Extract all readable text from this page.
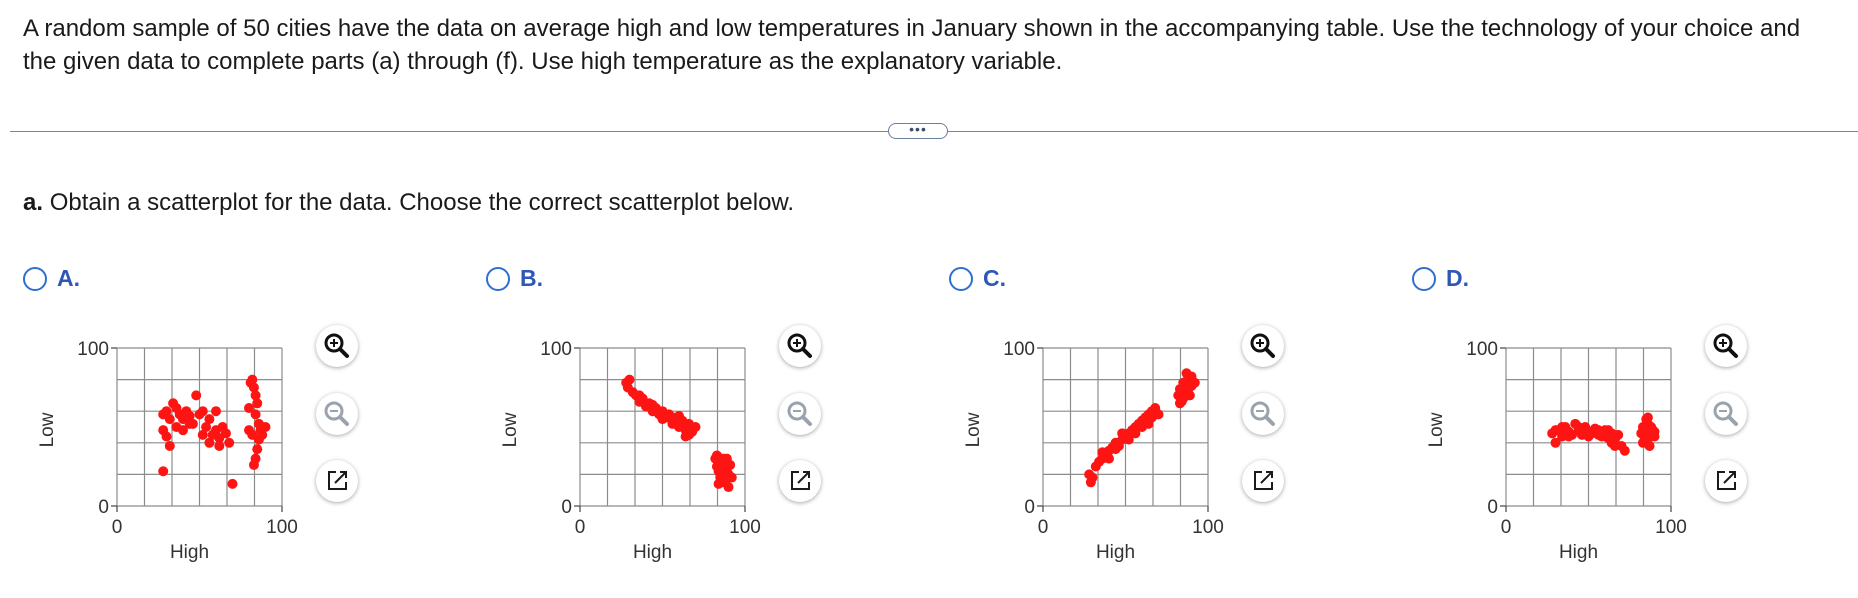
A random sample of 50 cities have the data on average high and low temperatures in January shown in the accompanying table. Use the technology of your choice and the given data to complete parts (a) through (f). Use high temperature as the explanatory variable.
•••
a. Obtain a scatterplot for the data. Choose the correct scatterplot below.
A.
100
0
0	100
High
Low
B.
100
0
0	100
High
Low
C.
100
0
0	100
High
Low
D.
100
0
0	100
High
Low
